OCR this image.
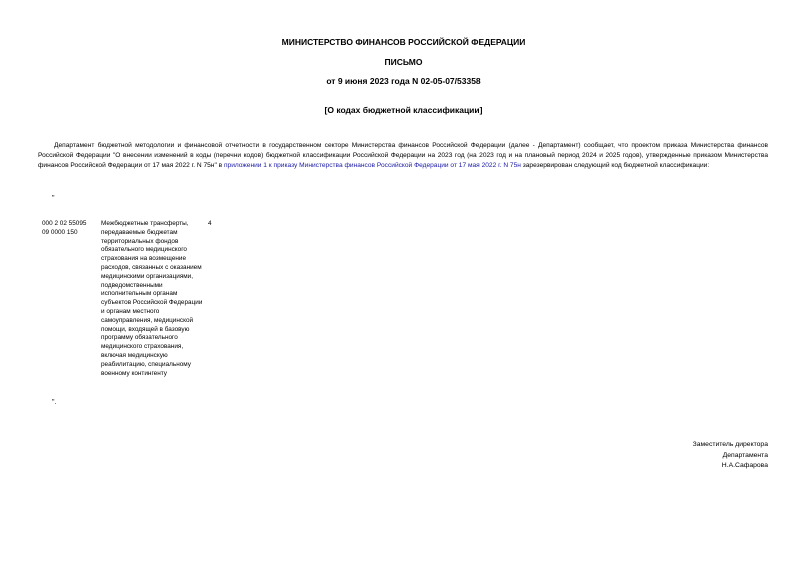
МИНИСТЕРСТВО ФИНАНСОВ РОССИЙСКОЙ ФЕДЕРАЦИИ
ПИСЬМО
от 9 июня 2023 года N 02-05-07/53358
[О кодах бюджетной классификации]
Департамент бюджетной методологии и финансовой отчетности в государственном секторе Министерства финансов Российской Федерации (далее - Департамент) сообщает, что проектом приказа Министерства финансов Российской Федерации "О внесении изменений в коды (перечни кодов) бюджетной классификации Российской Федерации на 2023 год (на 2023 год и на плановый период 2024 и 2025 годов), утвержденные приказом Министерства финансов Российской Федерации от 17 мая 2022 г. N 75н" в приложении 1 к приказу Министерства финансов Российской Федерации от 17 мая 2022 г. N 75н зарезервирован следующий код бюджетной классификации:
"
000 2 02 55095 09 0000 150
Межбюджетные трансферты, передаваемые бюджетам территориальных фондов обязательного медицинского страхования на возмещение расходов, связанных с оказанием медицинскими организациями, подведомственными исполнительным органам субъектов Российской Федерации и органам местного самоуправления, медицинской помощи, входящей в базовую программу обязательного медицинского страхования, включая медицинскую реабилитацию, специальному военному контингенту
4
".
Заместитель директора
Департамента
Н.А.Сафарова
